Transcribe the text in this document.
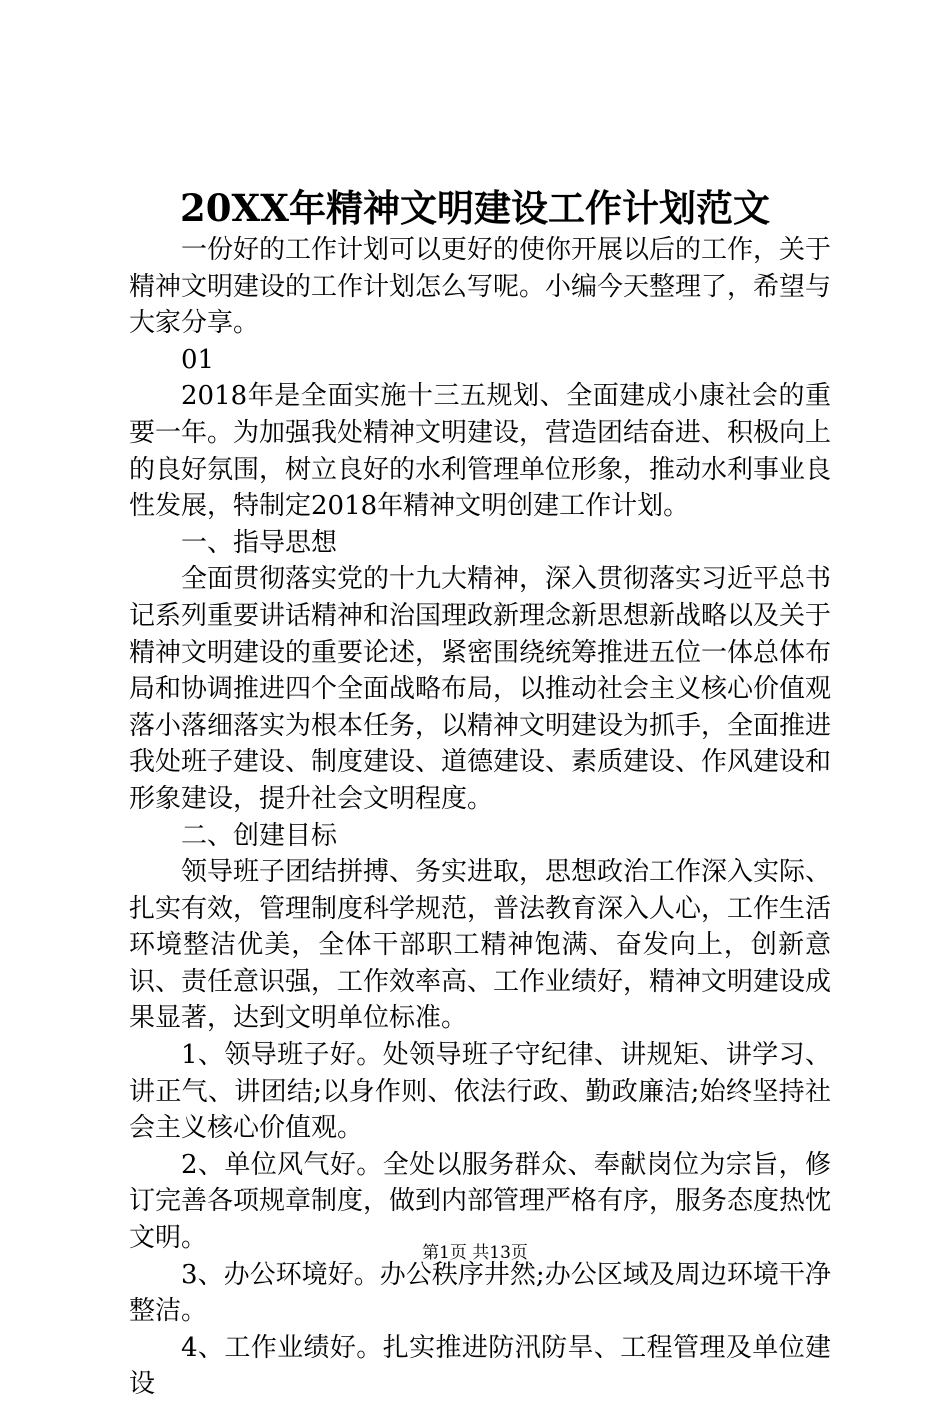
20XX年精神文明建设工作计划范文

一份好的工作计划可以更好的使你开展以后的工作，关于精神文明建设的工作计划怎么写呢。小编今天整理了，希望与大家分享。

01

2018年是全面实施十三五规划、全面建成小康社会的重要一年。为加强我处精神文明建设，营造团结奋进、积极向上的良好氛围，树立良好的水利管理单位形象，推动水利事业良性发展，特制定2018年精神文明创建工作计划。

一、指导思想

全面贯彻落实党的十九大精神，深入贯彻落实习近平总书记系列重要讲话精神和治国理政新理念新思想新战略以及关于精神文明建设的重要论述，紧密围绕统筹推进五位一体总体布局和协调推进四个全面战略布局，以推动社会主义核心价值观落小落细落实为根本任务，以精神文明建设为抓手，全面推进我处班子建设、制度建设、道德建设、素质建设、作风建设和形象建设，提升社会文明程度。

二、创建目标

领导班子团结拼搏、务实进取，思想政治工作深入实际、扎实有效，管理制度科学规范，普法教育深入人心，工作生活环境整洁优美，全体干部职工精神饱满、奋发向上，创新意识、责任意识强，工作效率高、工作业绩好，精神文明建设成果显著，达到文明单位标准。

1、领导班子好。处领导班子守纪律、讲规矩、讲学习、讲正气、讲团结;以身作则、依法行政、勤政廉洁;始终坚持社会主义核心价值观。

2、单位风气好。全处以服务群众、奉献岗位为宗旨，修订完善各项规章制度，做到内部管理严格有序，服务态度热忱文明。

3、办公环境好。办公秩序井然;办公区域及周边环境干净整洁。

4、工作业绩好。扎实推进防汛防旱、工程管理及单位建设

第1页 共13页
